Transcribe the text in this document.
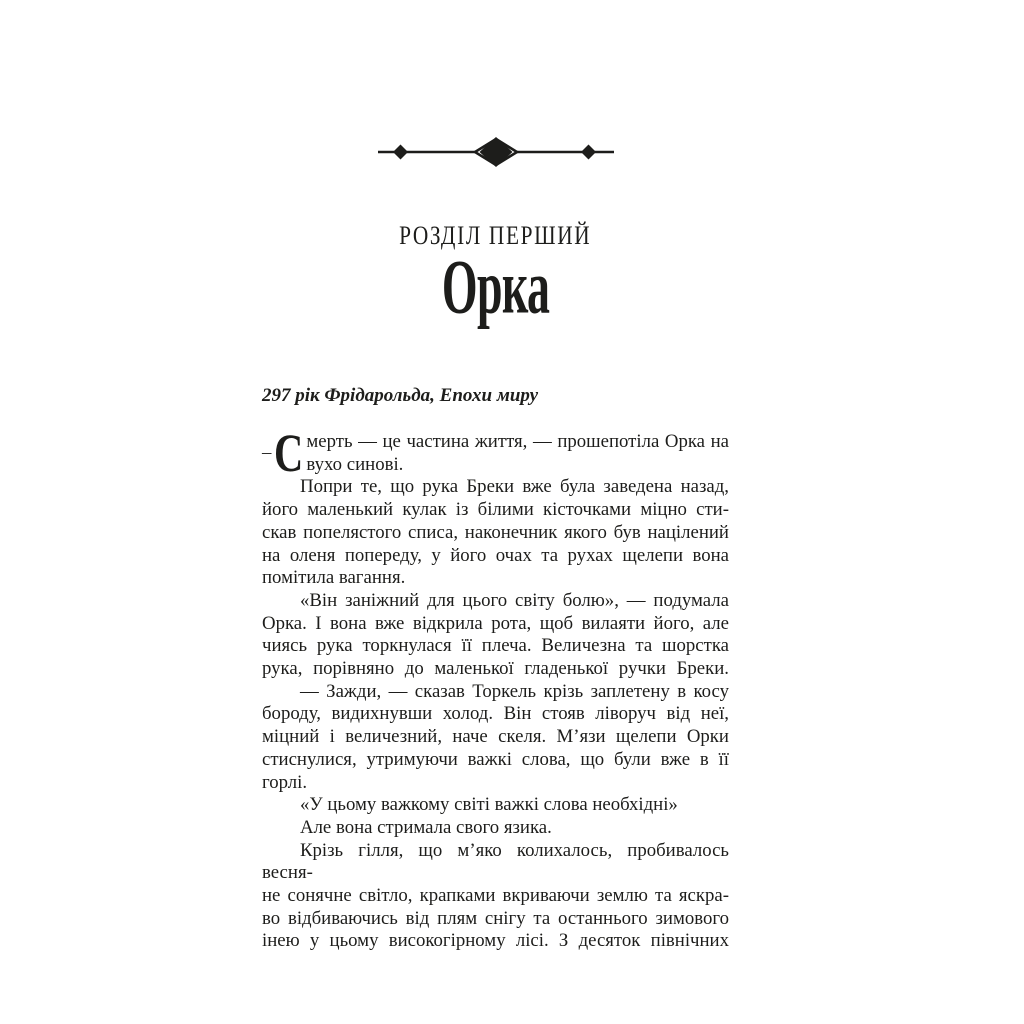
РОЗДІЛ ПЕРШИЙ
Орка
297 рік Фрідарольда, Епохи миру
– С мерть — це частина життя, — прошепотіла Орка на
вухо синові.
Попри те, що рука Бреки вже була заведена назад,
його маленький кулак із білими кісточками міцно сти-
скав попелястого списа, наконечник якого був націлений
на оленя попереду, у його очах та рухах щелепи вона
помітила вагання.
«Він заніжний для цього світу болю», — подумала
Орка. І вона вже відкрила рота, щоб вилаяти його, але
чиясь рука торкнулася її плеча. Величезна та шорстка
рука, порівняно до маленької гладенької ручки Бреки.
— Зажди, — сказав Торкель крізь заплетену в косу
бороду, видихнувши холод. Він стояв ліворуч від неї,
міцний і величезний, наче скеля. М’язи щелепи Орки
стиснулися, утримуючи важкі слова, що були вже в її
горлі.
«У цьому важкому світі важкі слова необхідні»
Але вона стримала свого язика.
Крізь гілля, що м’яко колихалось, пробивалось весня-
не сонячне світло, крапками вкриваючи землю та яскра-
во відбиваючись від плям снігу та останнього зимового
інею у цьому високогірному лісі. З десяток північних
